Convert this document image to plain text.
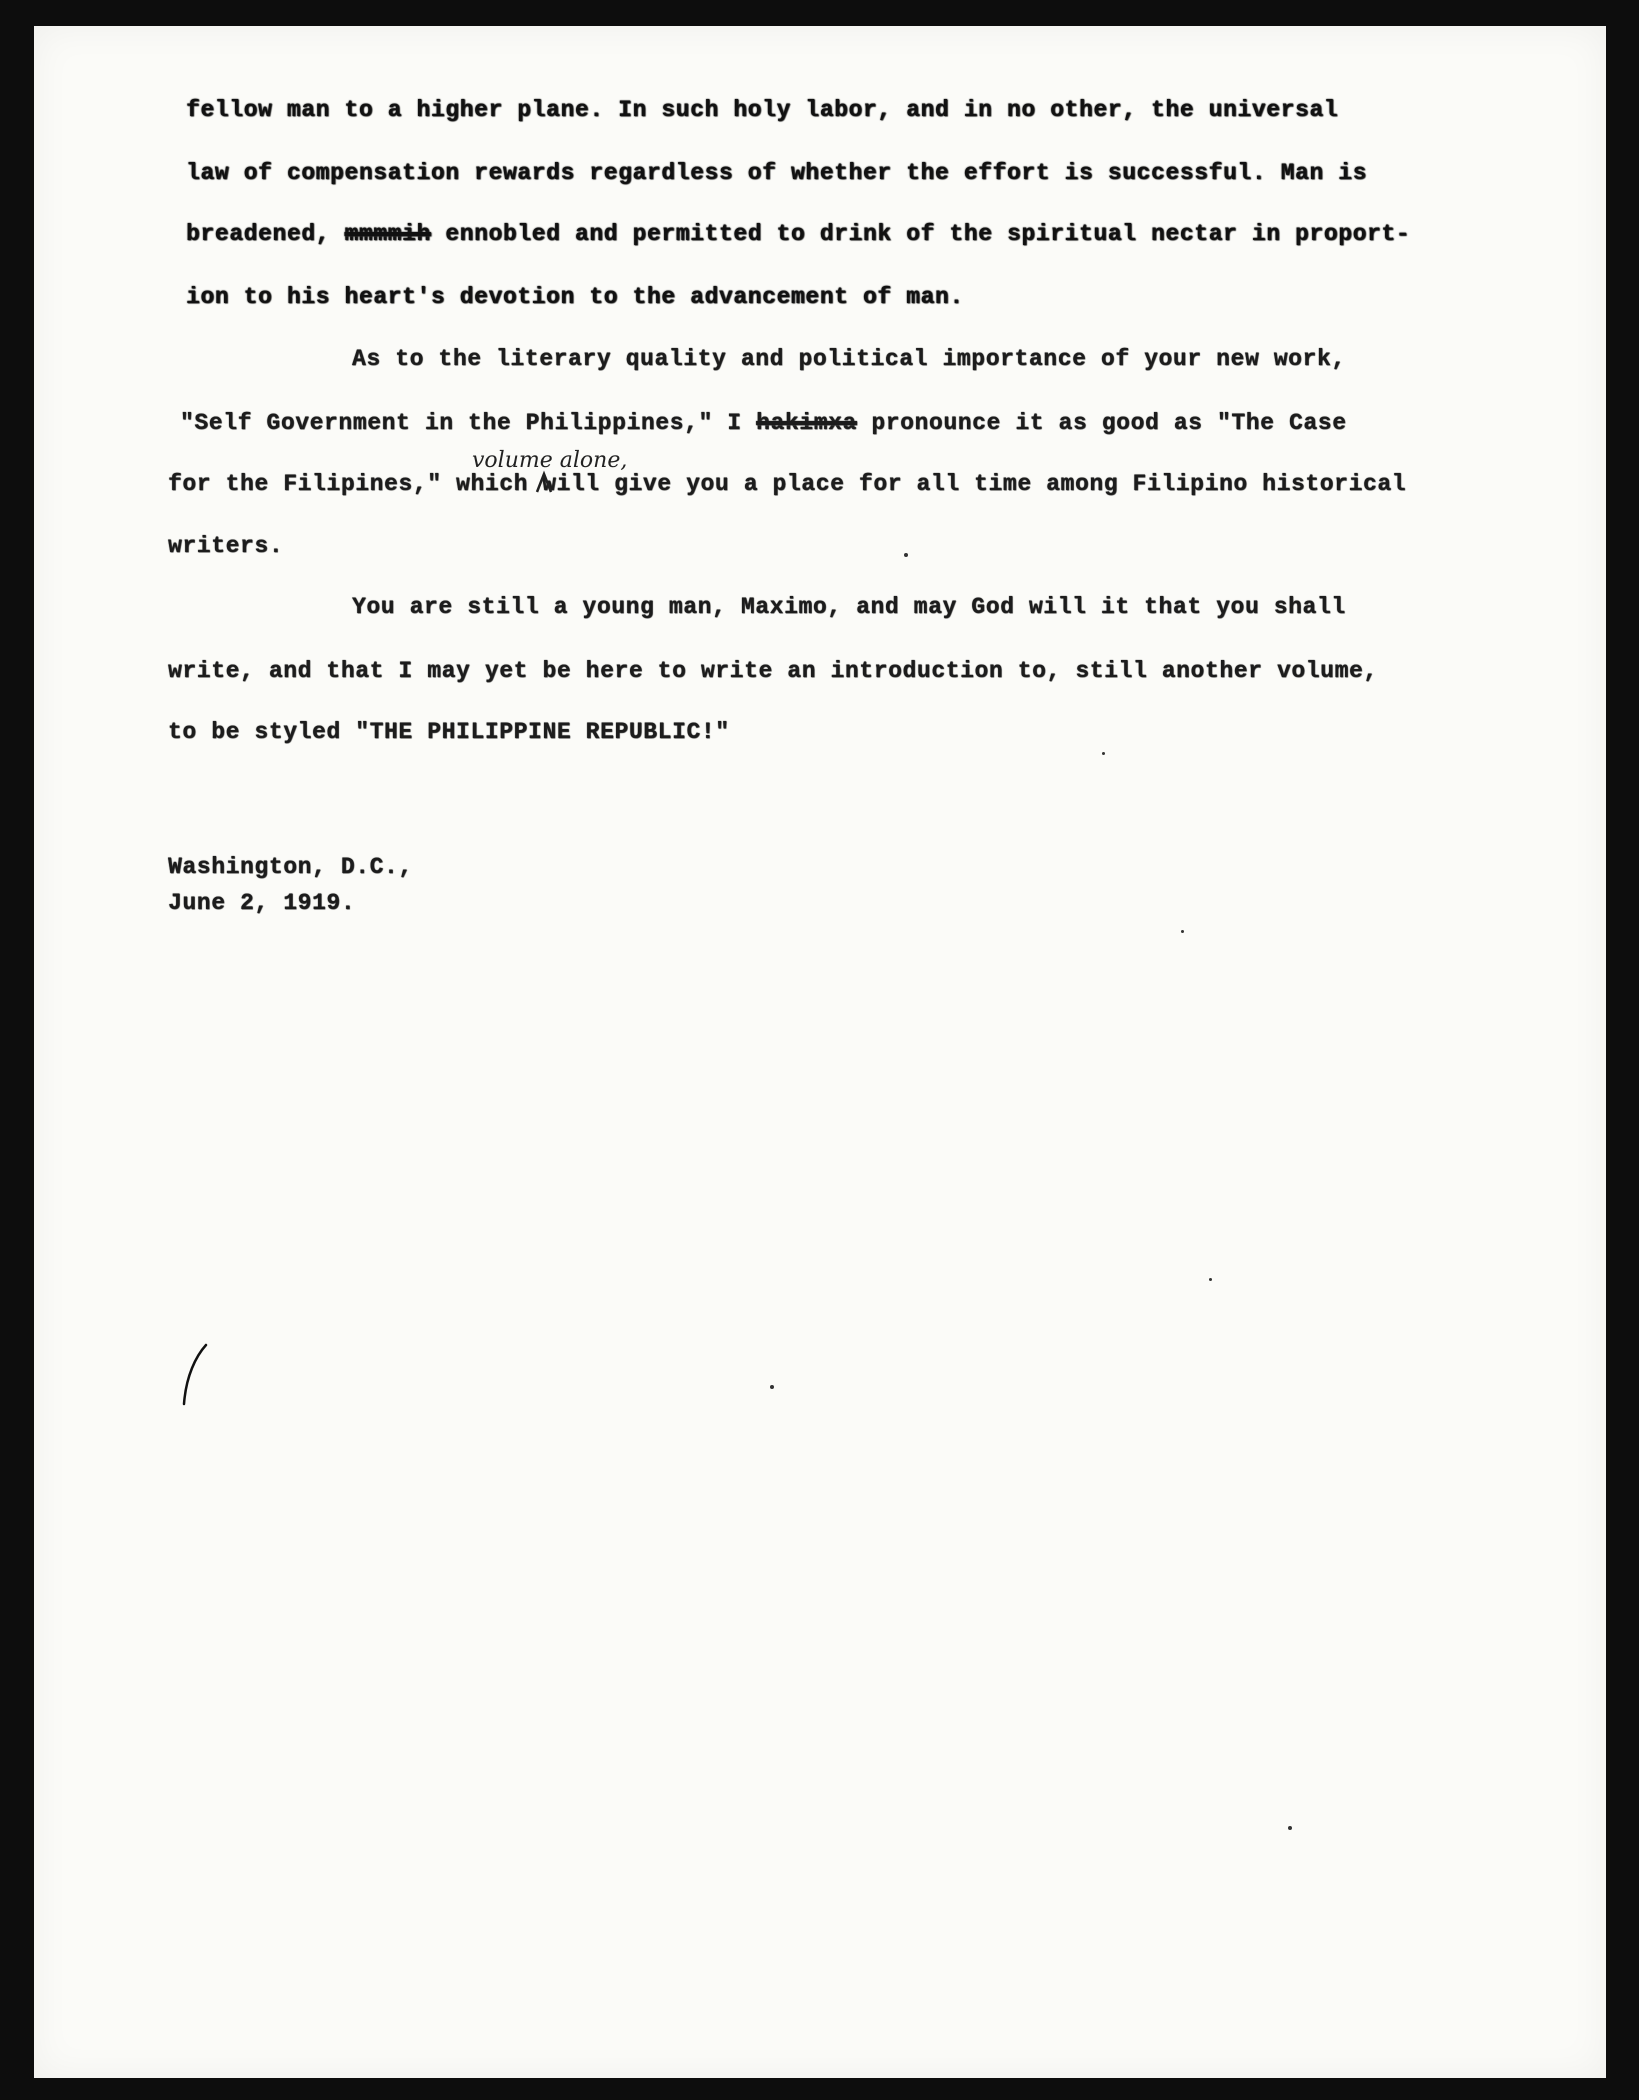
fellow man to a higher plane. In such holy labor, and in no other, the universal
law of compensation rewards regardless of whether the effort is successful. Man is
breadened, mmmmih ennobled and permitted to drink of the spiritual nectar in proport-
ion to his heart's devotion to the advancement of man.
As to the literary quality and political importance of your new work,
"Self Government in the Philippines," I hakimxa pronounce it as good as "The Case
volume alone,
for the Filipines," which will give you a place for all time among Filipino historical
writers.
You are still a young man, Maximo, and may God will it that you shall
write, and that I may yet be here to write an introduction to, still another volume,
to be styled "THE PHILIPPINE REPUBLIC!"
Washington, D.C.,
June 2, 1919.
